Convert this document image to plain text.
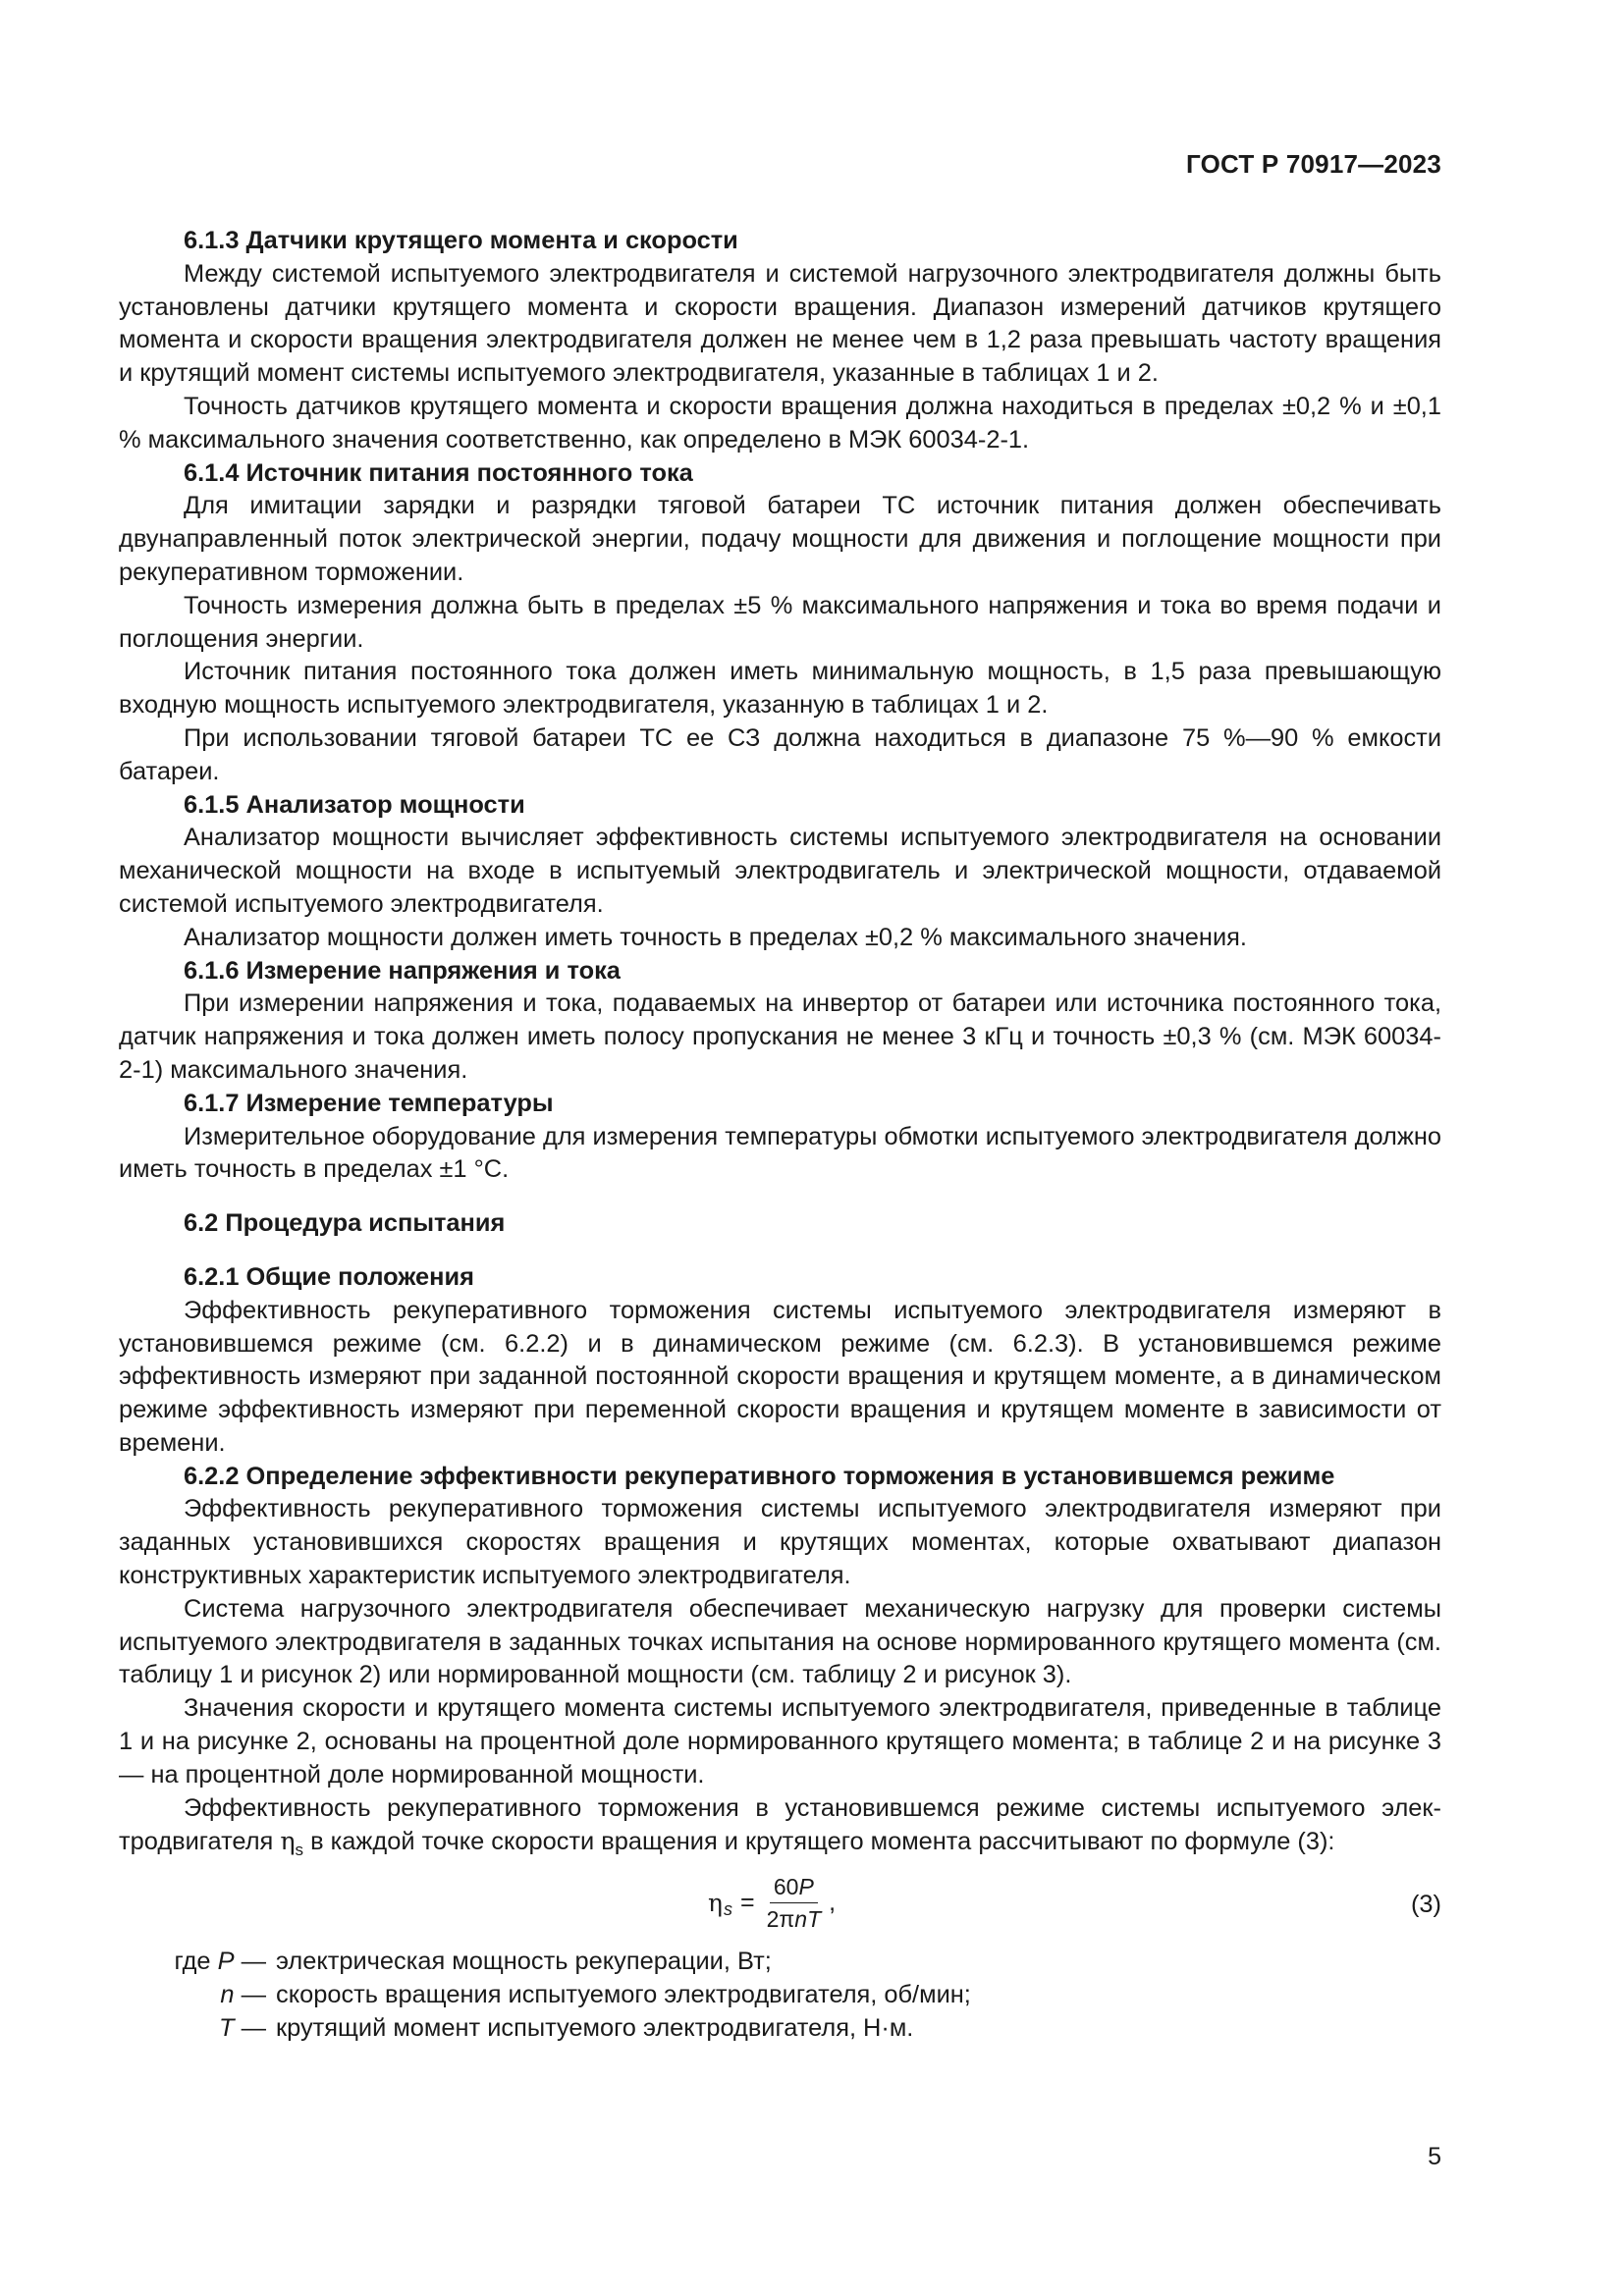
ГОСТ Р 70917—2023
6.1.3 Датчики крутящего момента и скорости

Между системой испытуемого электродвигателя и системой нагрузочного электродвигателя должны быть установлены датчики крутящего момента и скорости вращения. Диапазон измерений датчиков крутящего момента и скорости вращения электродвигателя должен не менее чем в 1,2 раза превышать частоту вращения и крутящий момент системы испытуемого электродвигателя, указанные в таблицах 1 и 2.

Точность датчиков крутящего момента и скорости вращения должна находиться в пределах ±0,2 % и ±0,1 % максимального значения соответственно, как определено в МЭК 60034-2-1.

6.1.4 Источник питания постоянного тока

Для имитации зарядки и разрядки тяговой батареи ТС источник питания должен обеспечивать двунаправленный поток электрической энергии, подачу мощности для движения и поглощение мощности при рекуперативном торможении.

Точность измерения должна быть в пределах ±5 % максимального напряжения и тока во время подачи и поглощения энергии.

Источник питания постоянного тока должен иметь минимальную мощность, в 1,5 раза превышающую входную мощность испытуемого электродвигателя, указанную в таблицах 1 и 2.

При использовании тяговой батареи ТС ее СЗ должна находиться в диапазоне 75 %—90 % емкости батареи.

6.1.5 Анализатор мощности

Анализатор мощности вычисляет эффективность системы испытуемого электродвигателя на основании механической мощности на входе в испытуемый электродвигатель и электрической мощности, отдаваемой системой испытуемого электродвигателя.

Анализатор мощности должен иметь точность в пределах ±0,2 % максимального значения.

6.1.6 Измерение напряжения и тока

При измерении напряжения и тока, подаваемых на инвертор от батареи или источника постоянного тока, датчик напряжения и тока должен иметь полосу пропускания не менее 3 кГц и точность ±0,3 % (см. МЭК 60034-2-1) максимального значения.

6.1.7 Измерение температуры

Измерительное оборудование для измерения температуры обмотки испытуемого электродвигателя должно иметь точность в пределах ±1 °С.

6.2 Процедура испытания
6.2.1 Общие положения

Эффективность рекуперативного торможения системы испытуемого электродвигателя измеряют в установившемся режиме (см. 6.2.2) и в динамическом режиме (см. 6.2.3). В установившемся режиме эффективность измеряют при заданной постоянной скорости вращения и крутящем моменте, а в динамическом режиме эффективность измеряют при переменной скорости вращения и крутящем моменте в зависимости от времени.

6.2.2 Определение эффективности рекуперативного торможения в установившемся режиме

Эффективность рекуперативного торможения системы испытуемого электродвигателя измеряют при заданных установившихся скоростях вращения и крутящих моментах, которые охватывают диапазон конструктивных характеристик испытуемого электродвигателя.

Система нагрузочного электродвигателя обеспечивает механическую нагрузку для проверки системы испытуемого электродвигателя в заданных точках испытания на основе нормированного крутящего момента (см. таблицу 1 и рисунок 2) или нормированной мощности (см. таблицу 2 и рисунок 3).

Значения скорости и крутящего момента системы испытуемого электродвигателя, приведенные в таблице 1 и на рисунке 2, основаны на процентной доле нормированного крутящего момента; в таблице 2 и на рисунке 3 — на процентной доле нормированной мощности.

Эффективность рекуперативного торможения в установившемся режиме системы испытуемого электродвигателя $\eta_s$ в каждой точке скорости вращения и крутящего момента рассчитывают по формуле (3):

η $s = \frac{60P}{\text{2πnT}}$ ,	(3)
где P — электрическая мощность рекуперации, Вт;
n — скорость вращения испытуемого электродвигателя, об/мин;
T — крутящий момент испытуемого электродвигателя, Н·м.
5
